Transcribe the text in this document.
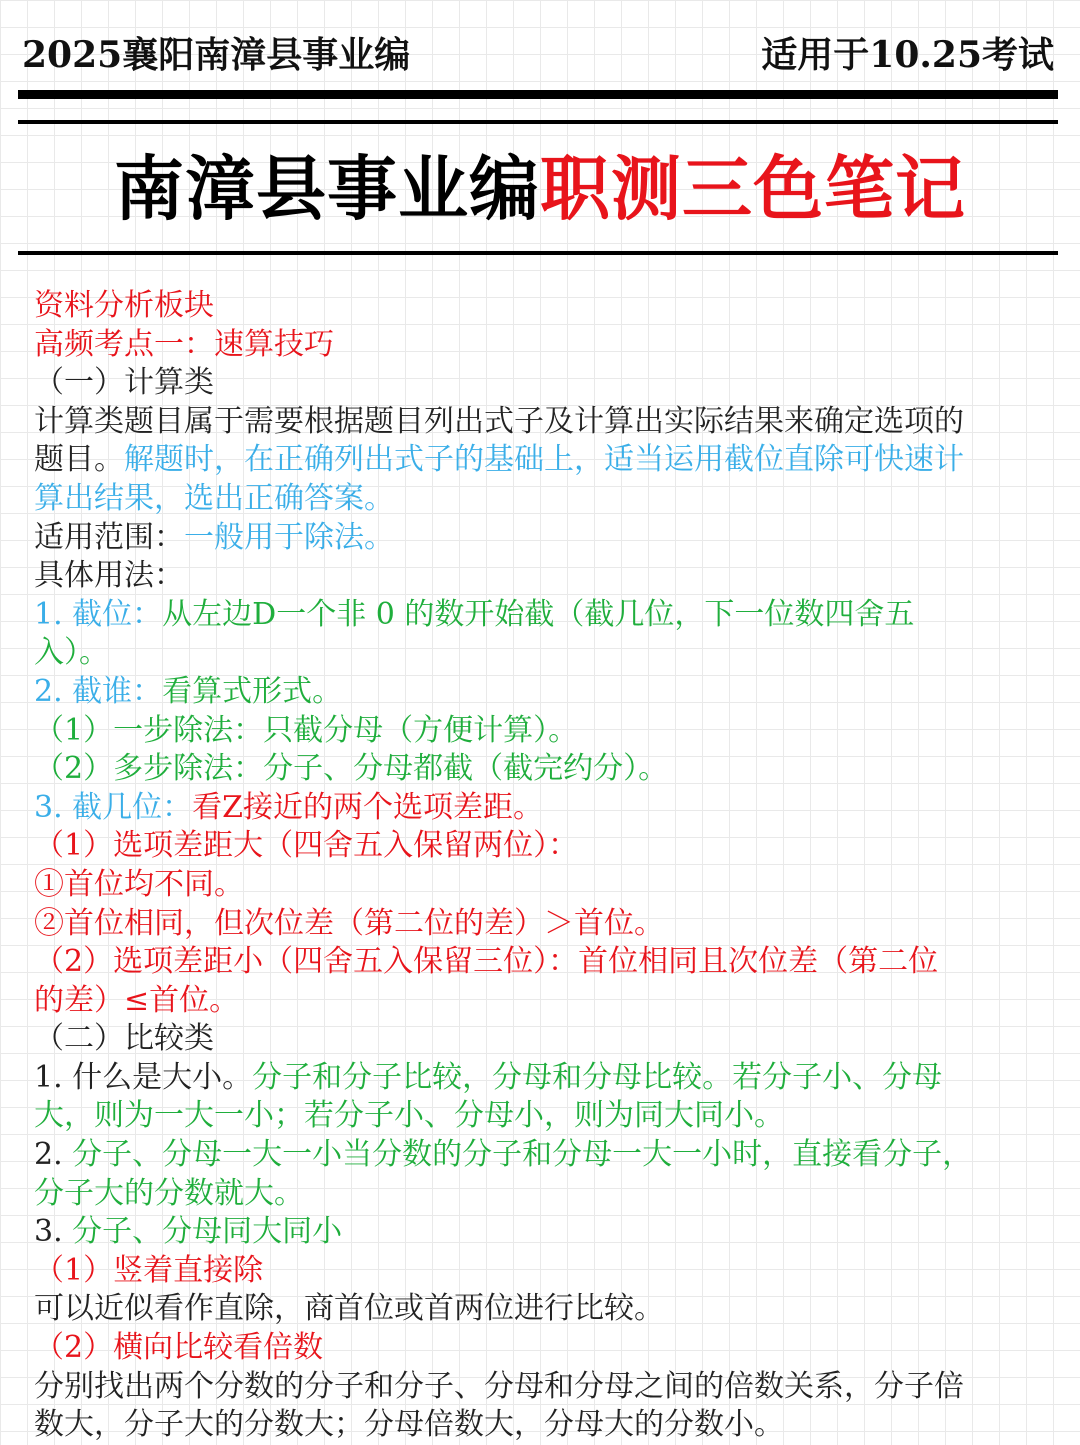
2025襄阳南漳县事业编	适用于10.25考试
南漳县事业编职测三色笔记
资料分析板块
高频考点一：速算技巧
（一）计算类
计算类题目属于需要根据题目列出式子及计算出实际结果来确定选项的
题目。解题时，在正确列出式子的基础上，适当运用截位直除可快速计
算出结果，选出正确答案。
适用范围：一般用于除法。
具体用法：
1. 截位：从左边D一个非 0 的数开始截（截几位，下一位数四舍五
入）。
2. 截谁：看算式形式。
（1）一步除法：只截分母（方便计算）。
（2）多步除法：分子、分母都截（截完约分）。
3. 截几位：看Z接近的两个选项差距。
（1）选项差距大（四舍五入保留两位）：
①首位均不同。
②首位相同，但次位差（第二位的差）＞首位。
（2）选项差距小（四舍五入保留三位）：首位相同且次位差（第二位
的差）≤首位。
（二）比较类
1. 什么是大小。分子和分子比较，分母和分母比较。若分子小、分母
大，则为一大一小；若分子小、分母小，则为同大同小。
2. 分子、分母一大一小当分数的分子和分母一大一小时，直接看分子，
分子大的分数就大。
3. 分子、分母同大同小
（1）竖着直接除
可以近似看作直除，商首位或首两位进行比较。
（2）横向比较看倍数
分别找出两个分数的分子和分子、分母和分母之间的倍数关系，分子倍
数大，分子大的分数大；分母倍数大，分母大的分数小。
